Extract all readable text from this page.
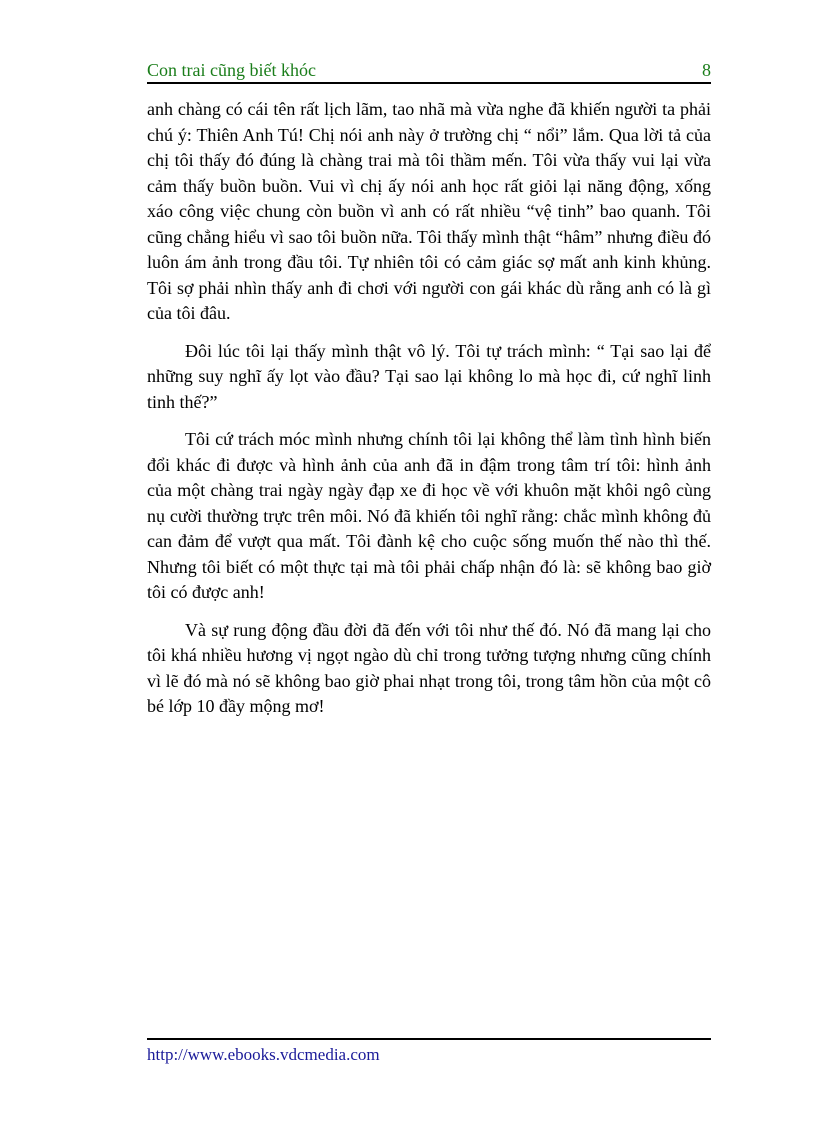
Con trai cũng biết khóc	8

anh chàng có cái tên rất lịch lãm, tao nhã mà vừa nghe đã khiến người ta phải chú ý: Thiên Anh Tú! Chị nói anh này ở trường chị “ nổi” lắm. Qua lời tả của chị tôi thấy đó đúng là chàng trai mà tôi thầm mến. Tôi vừa thấy vui lại vừa cảm thấy buồn buồn. Vui vì chị ấy nói anh học rất giỏi lại năng động, xống xáo công việc chung còn buồn vì anh có rất nhiều “vệ tinh” bao quanh. Tôi cũng chẳng hiểu vì sao tôi buồn nữa. Tôi thấy mình thật “hâm” nhưng điều đó luôn ám ảnh trong đầu tôi. Tự nhiên tôi có cảm giác sợ mất anh kinh khủng. Tôi sợ phải nhìn thấy anh đi chơi với người con gái khác dù rằng anh có là gì của tôi đâu.

Đôi lúc tôi lại thấy mình thật vô lý. Tôi tự trách mình: “ Tại sao lại để những suy nghĩ ấy lọt vào đầu? Tại sao lại không lo mà học đi, cứ nghĩ linh tinh thế?”

Tôi cứ trách móc mình nhưng chính tôi lại không thể làm tình hình biến đổi khác đi được và hình ảnh của anh đã in đậm trong tâm trí tôi: hình ảnh của một chàng trai ngày ngày đạp xe đi học về với khuôn mặt khôi ngô cùng nụ cười thường trực trên môi. Nó đã khiến tôi nghĩ rằng: chắc mình không đủ can đảm để vượt qua mất. Tôi đành kệ cho cuộc sống muốn thế nào thì thế. Nhưng tôi biết có một thực tại mà tôi phải chấp nhận đó là: sẽ không bao giờ tôi có được anh!

Và sự rung động đầu đời đã đến với tôi như thế đó. Nó đã mang lại cho tôi khá nhiều hương vị ngọt ngào dù chỉ trong tưởng tượng nhưng cũng chính vì lẽ đó mà nó sẽ không bao giờ phai nhạt trong tôi, trong tâm hồn của một cô bé lớp 10 đầy mộng mơ!

http://www.ebooks.vdcmedia.com
